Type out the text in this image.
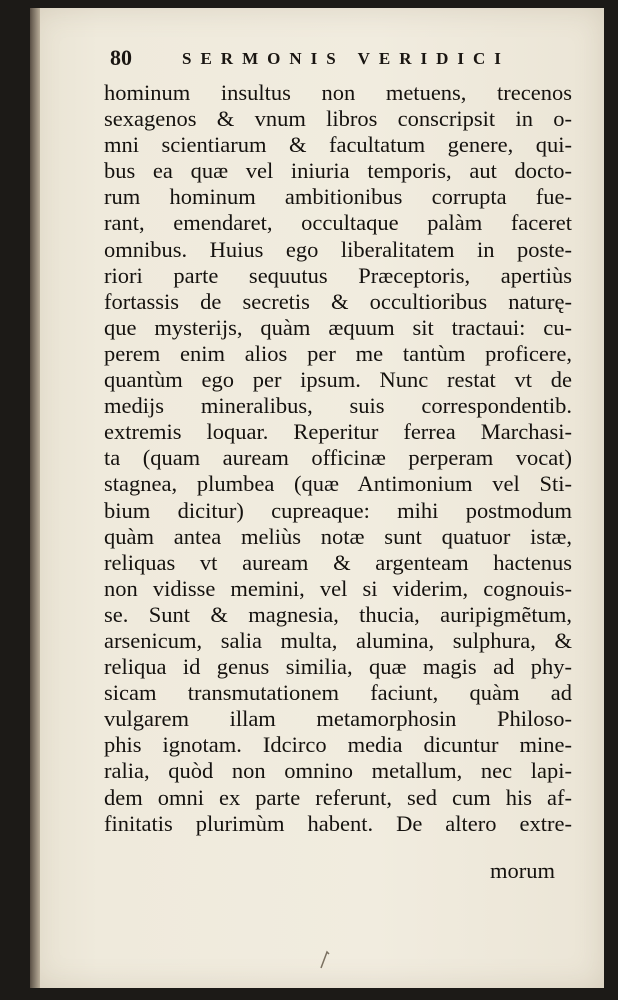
80	SERMONIS VERIDICI
hominum insultus non metuens, trecenos
sexagenos & vnum libros conscripsit in o-
mni scientiarum & facultatum genere, qui-
bus ea quæ vel iniuria temporis, aut docto-
rum hominum ambitionibus corrupta fue-
rant, emendaret, occultaque palàm faceret
omnibus. Huius ego liberalitatem in poste-
riori parte sequutus Præceptoris, apertiùs
fortassis de secretis & occultioribus naturę-
que mysterijs, quàm æquum sit tractaui: cu-
perem enim alios per me tantùm proficere,
quantùm ego per ipsum. Nunc restat vt de
medijs mineralibus, suis correspondentib.
extremis loquar. Reperitur ferrea Marchasi-
ta (quam auream officinæ perperam vocat)
stagnea, plumbea (quæ Antimonium vel Sti-
bium dicitur) cupreaque: mihi postmodum
quàm antea meliùs notæ sunt quatuor istæ,
reliquas vt auream & argenteam hactenus
non vidisse memini, vel si viderim, cognouis-
se. Sunt & magnesia, thucia, auripigmẽtum,
arsenicum, salia multa, alumina, sulphura, &
reliqua id genus similia, quæ magis ad phy-
sicam transmutationem faciunt, quàm ad
vulgarem illam metamorphosin Philoso-
phis ignotam. Idcirco media dicuntur mine-
ralia, quòd non omnino metallum, nec lapi-
dem omni ex parte referunt, sed cum his af-
finitatis plurimùm habent. De altero extre-
morum
